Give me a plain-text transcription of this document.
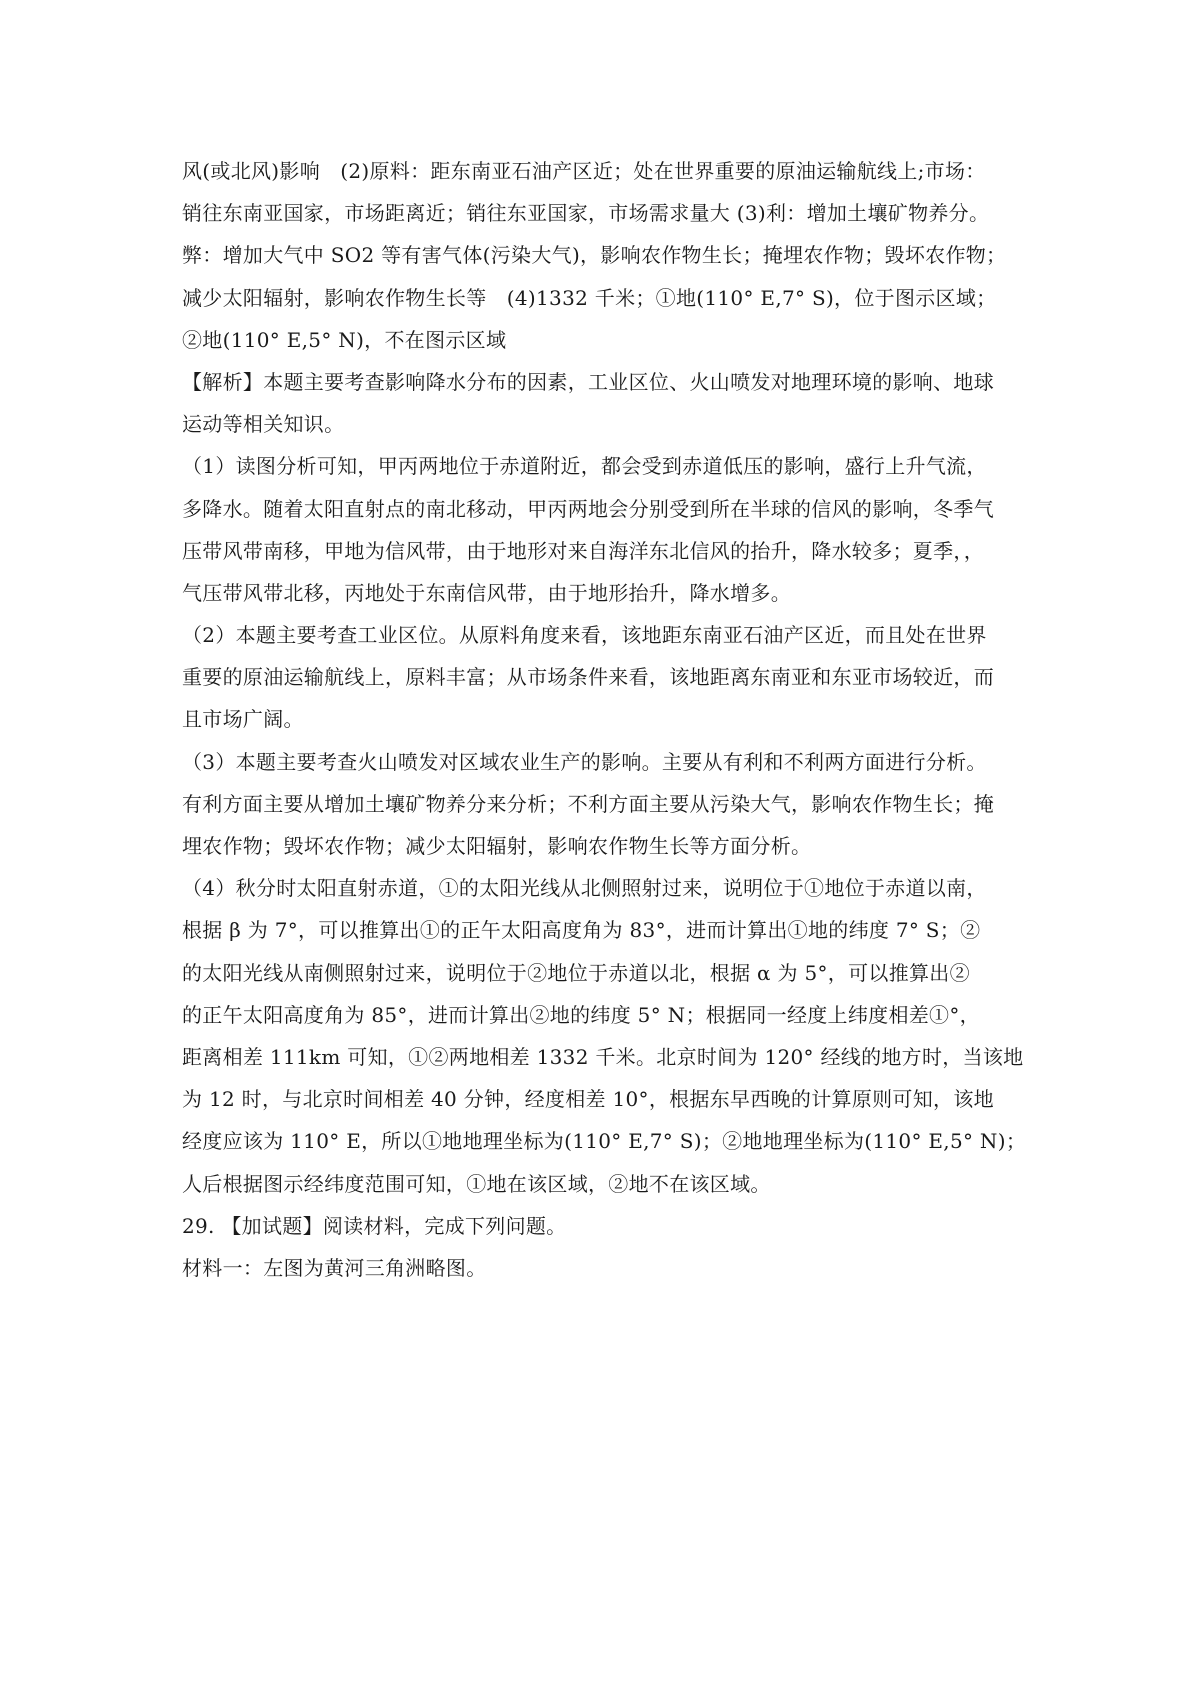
风(或北风)影响　(2)原料：距东南亚石油产区近；处在世界重要的原油运输航线上;市场：
销往东南亚国家，市场距离近；销往东亚国家，市场需求量大 (3)利：增加土壤矿物养分。
弊：增加大气中 SO2 等有害气体(污染大气)，影响农作物生长；掩埋农作物；毁坏农作物；
减少太阳辐射，影响农作物生长等　(4)1332 千米；①地(110° E,7° S)，位于图示区域；
②地(110° E,5° N)，不在图示区域
【解析】本题主要考查影响降水分布的因素，工业区位、火山喷发对地理环境的影响、地球
运动等相关知识。
（1）读图分析可知，甲丙两地位于赤道附近，都会受到赤道低压的影响，盛行上升气流，
多降水。随着太阳直射点的南北移动，甲丙两地会分别受到所在半球的信风的影响，冬季气
压带风带南移，甲地为信风带，由于地形对来自海洋东北信风的抬升，降水较多；夏季，，
气压带风带北移，丙地处于东南信风带，由于地形抬升，降水增多。
（2）本题主要考查工业区位。从原料角度来看，该地距东南亚石油产区近，而且处在世界
重要的原油运输航线上，原料丰富；从市场条件来看，该地距离东南亚和东亚市场较近，而
且市场广阔。
（3）本题主要考查火山喷发对区域农业生产的影响。主要从有利和不利两方面进行分析。
有利方面主要从增加土壤矿物养分来分析；不利方面主要从污染大气，影响农作物生长；掩
埋农作物；毁坏农作物；减少太阳辐射，影响农作物生长等方面分析。
（4）秋分时太阳直射赤道，①的太阳光线从北侧照射过来，说明位于①地位于赤道以南，
根据 β 为 7°，可以推算出①的正午太阳高度角为 83°，进而计算出①地的纬度 7° S；②
的太阳光线从南侧照射过来，说明位于②地位于赤道以北，根据 α 为 5°，可以推算出②
的正午太阳高度角为 85°，进而计算出②地的纬度 5° N；根据同一经度上纬度相差①°，
距离相差 111km 可知，①②两地相差 1332 千米。北京时间为 120° 经线的地方时，当该地
为 12 时，与北京时间相差 40 分钟，经度相差 10°，根据东早西晚的计算原则可知，该地
经度应该为 110° E，所以①地地理坐标为(110° E,7° S)；②地地理坐标为(110° E,5° N)；
人后根据图示经纬度范围可知，①地在该区域，②地不在该区域。
29. 【加试题】阅读材料，完成下列问题。
材料一：左图为黄河三角洲略图。
